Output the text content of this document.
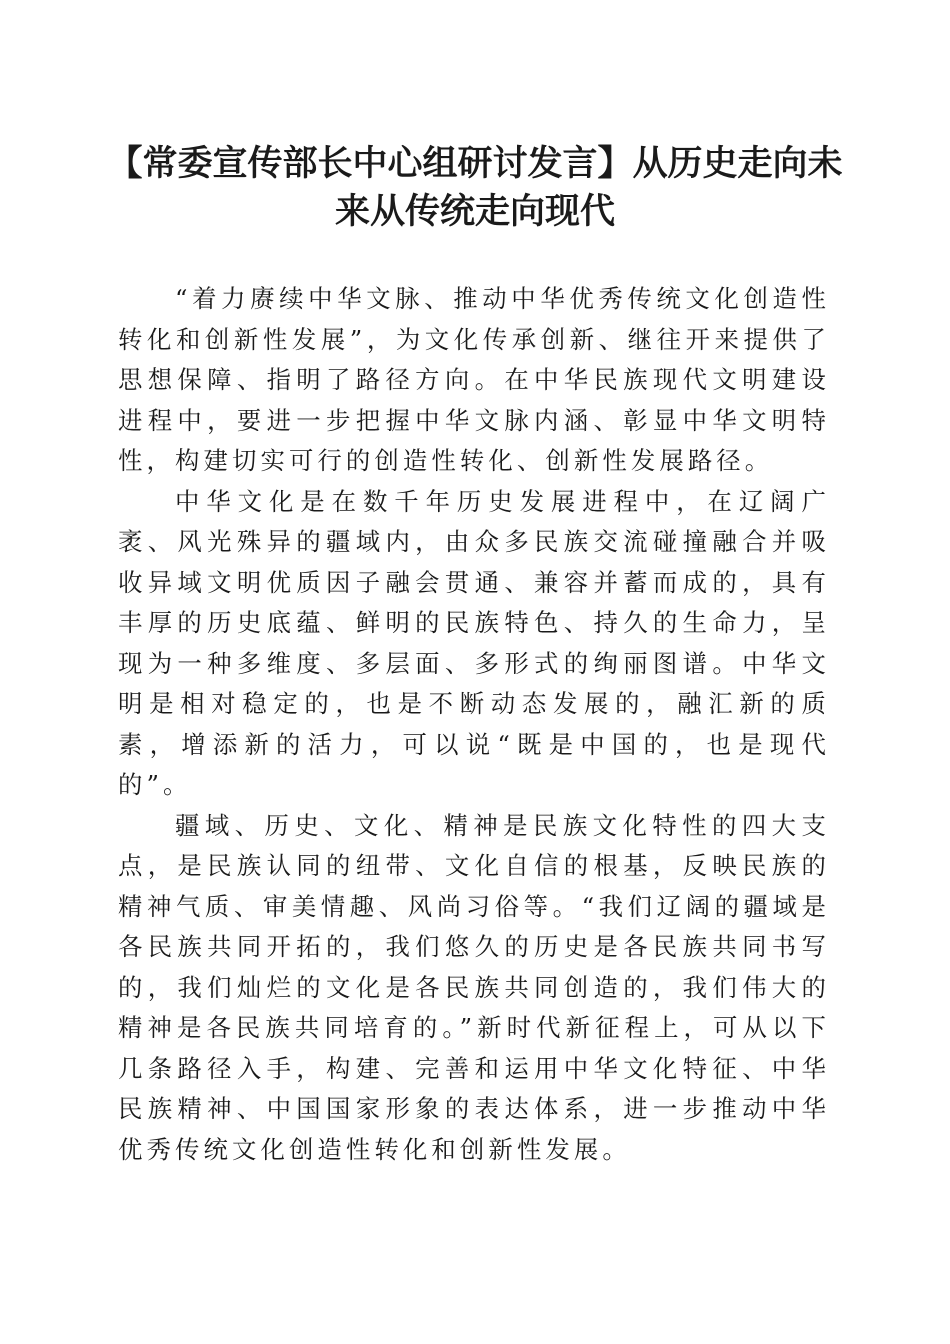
【常委宣传部长中心组研讨发言】从历史走向未来从传统走向现代

“着力赓续中华文脉、推动中华优秀传统文化创造性转化和创新性发展”，为文化传承创新、继往开来提供了思想保障、指明了路径方向。在中华民族现代文明建设进程中，要进一步把握中华文脉内涵、彰显中华文明特性，构建切实可行的创造性转化、创新性发展路径。

中华文化是在数千年历史发展进程中，在辽阔广袤、风光殊异的疆域内，由众多民族交流碰撞融合并吸收异域文明优质因子融会贯通、兼容并蓄而成的，具有丰厚的历史底蕴、鲜明的民族特色、持久的生命力，呈现为一种多维度、多层面、多形式的绚丽图谱。中华文明是相对稳定的，也是不断动态发展的，融汇新的质素，增添新的活力，可以说“既是中国的，也是现代的”。

疆域、历史、文化、精神是民族文化特性的四大支点，是民族认同的纽带、文化自信的根基，反映民族的精神气质、审美情趣、风尚习俗等。“我们辽阔的疆域是各民族共同开拓的，我们悠久的历史是各民族共同书写的，我们灿烂的文化是各民族共同创造的，我们伟大的精神是各民族共同培育的。”新时代新征程上，可从以下几条路径入手，构建、完善和运用中华文化特征、中华民族精神、中国国家形象的表达体系，进一步推动中华优秀传统文化创造性转化和创新性发展。
